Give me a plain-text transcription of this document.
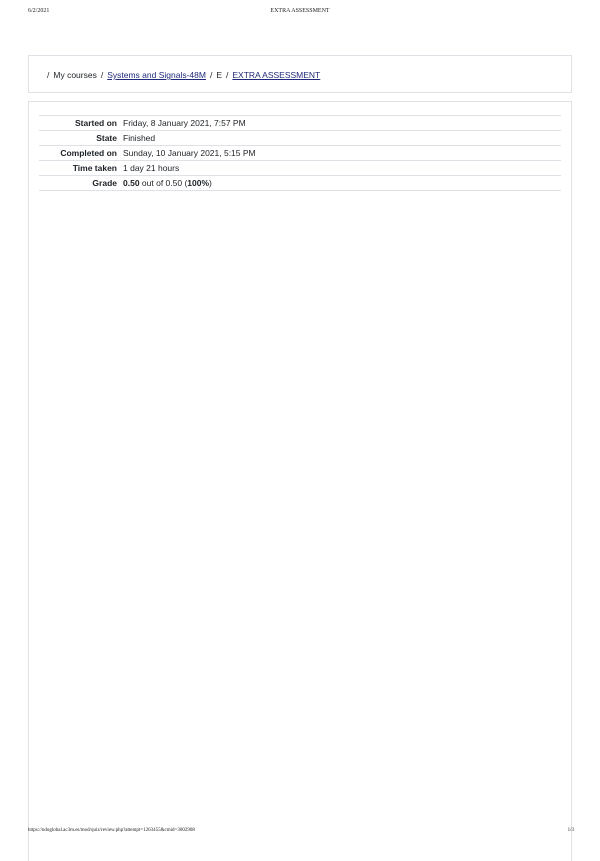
6/2/2021	EXTRA ASSESSMENT
/ My courses / Systems and Signals-48M / E / EXTRA ASSESSMENT
Started on	Friday, 8 January 2021, 7:57 PM
State	Finished
Completed on	Sunday, 10 January 2021, 5:15 PM
Time taken	1 day 21 hours
Grade	0.50 out of 0.50 (100%)
https://ndoglobal.ac3m.es/mod/quiz/review.php?attempt=1263455&cmid=3002908	1/3
